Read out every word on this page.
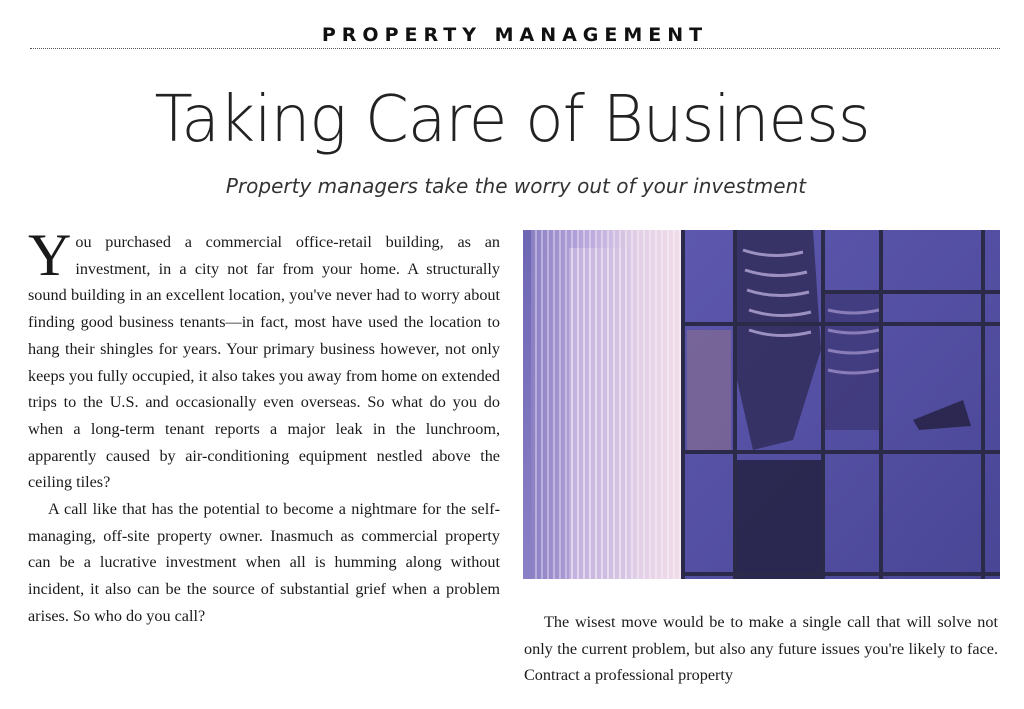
PROPERTY MANAGEMENT
Taking Care of Business
Property managers take the worry out of your investment

You purchased a commercial office-retail building, as an investment, in a city not far from your home. A structurally sound building in an excellent location, you've never had to worry about finding good business tenants—in fact, most have used the location to hang their shingles for years. Your primary business however, not only keeps you fully occupied, it also takes you away from home on extended trips to the U.S. and occasionally even overseas. So what do you do when a long-term tenant reports a major leak in the lunchroom, apparently caused by air-conditioning equipment nestled above the ceiling tiles?

A call like that has the potential to become a nightmare for the self-managing, off-site property owner. Inasmuch as commercial property can be a lucrative investment when all is humming along without incident, it also can be the source of substantial grief when a problem arises. So who do you call?	The wisest move would be to make a single call that will solve not only the current problem, but also any future issues you're likely to face. Contract a professional property
